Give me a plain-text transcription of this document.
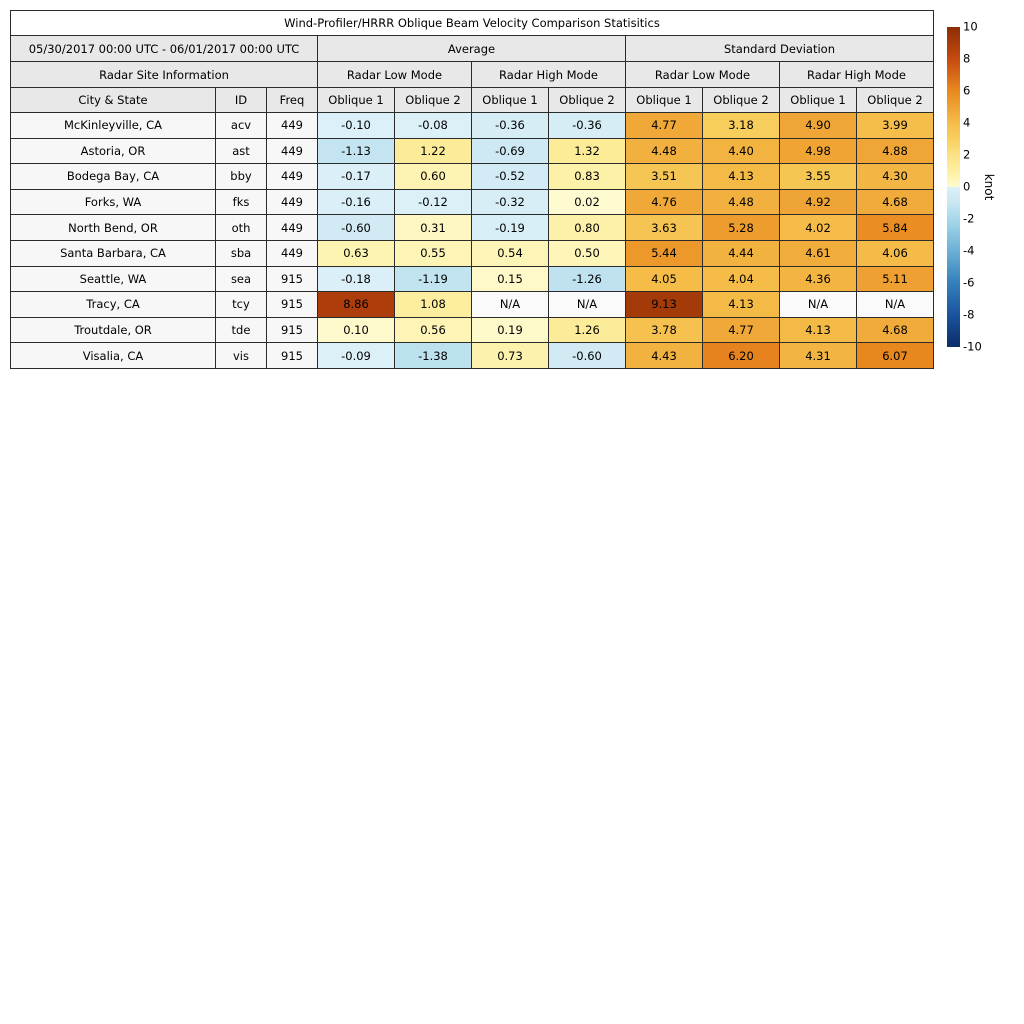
Wind-Profiler/HRRR Oblique Beam Velocity Comparison Statisitics										
05/30/2017 00:00 UTC - 06/01/2017 00:00 UTC			Average				Standard Deviation			
Radar Site Information			Radar Low Mode		Radar High Mode		Radar Low Mode		Radar High Mode	
City & State	ID	Freq	Oblique 1	Oblique 2	Oblique 1	Oblique 2	Oblique 1	Oblique 2	Oblique 1	Oblique 2
McKinleyville, CA	acv	449	-0.10	-0.08	-0.36	-0.36	4.77	3.18	4.90	3.99
Astoria, OR	ast	449	-1.13	1.22	-0.69	1.32	4.48	4.40	4.98	4.88
Bodega Bay, CA	bby	449	-0.17	0.60	-0.52	0.83	3.51	4.13	3.55	4.30
Forks, WA	fks	449	-0.16	-0.12	-0.32	0.02	4.76	4.48	4.92	4.68
North Bend, OR	oth	449	-0.60	0.31	-0.19	0.80	3.63	5.28	4.02	5.84
Santa Barbara, CA	sba	449	0.63	0.55	0.54	0.50	5.44	4.44	4.61	4.06
Seattle, WA	sea	915	-0.18	-1.19	0.15	-1.26	4.05	4.04	4.36	5.11
Tracy, CA	tcy	915	8.86	1.08	N/A	N/A	9.13	4.13	N/A	N/A
Troutdale, OR	tde	915	0.10	0.56	0.19	1.26	3.78	4.77	4.13	4.68
Visalia, CA	vis	915	-0.09	-1.38	0.73	-0.60	4.43	6.20	4.31	6.07
10
8
6
4
2
0
-2
-4
-6
-8
-10
knot
